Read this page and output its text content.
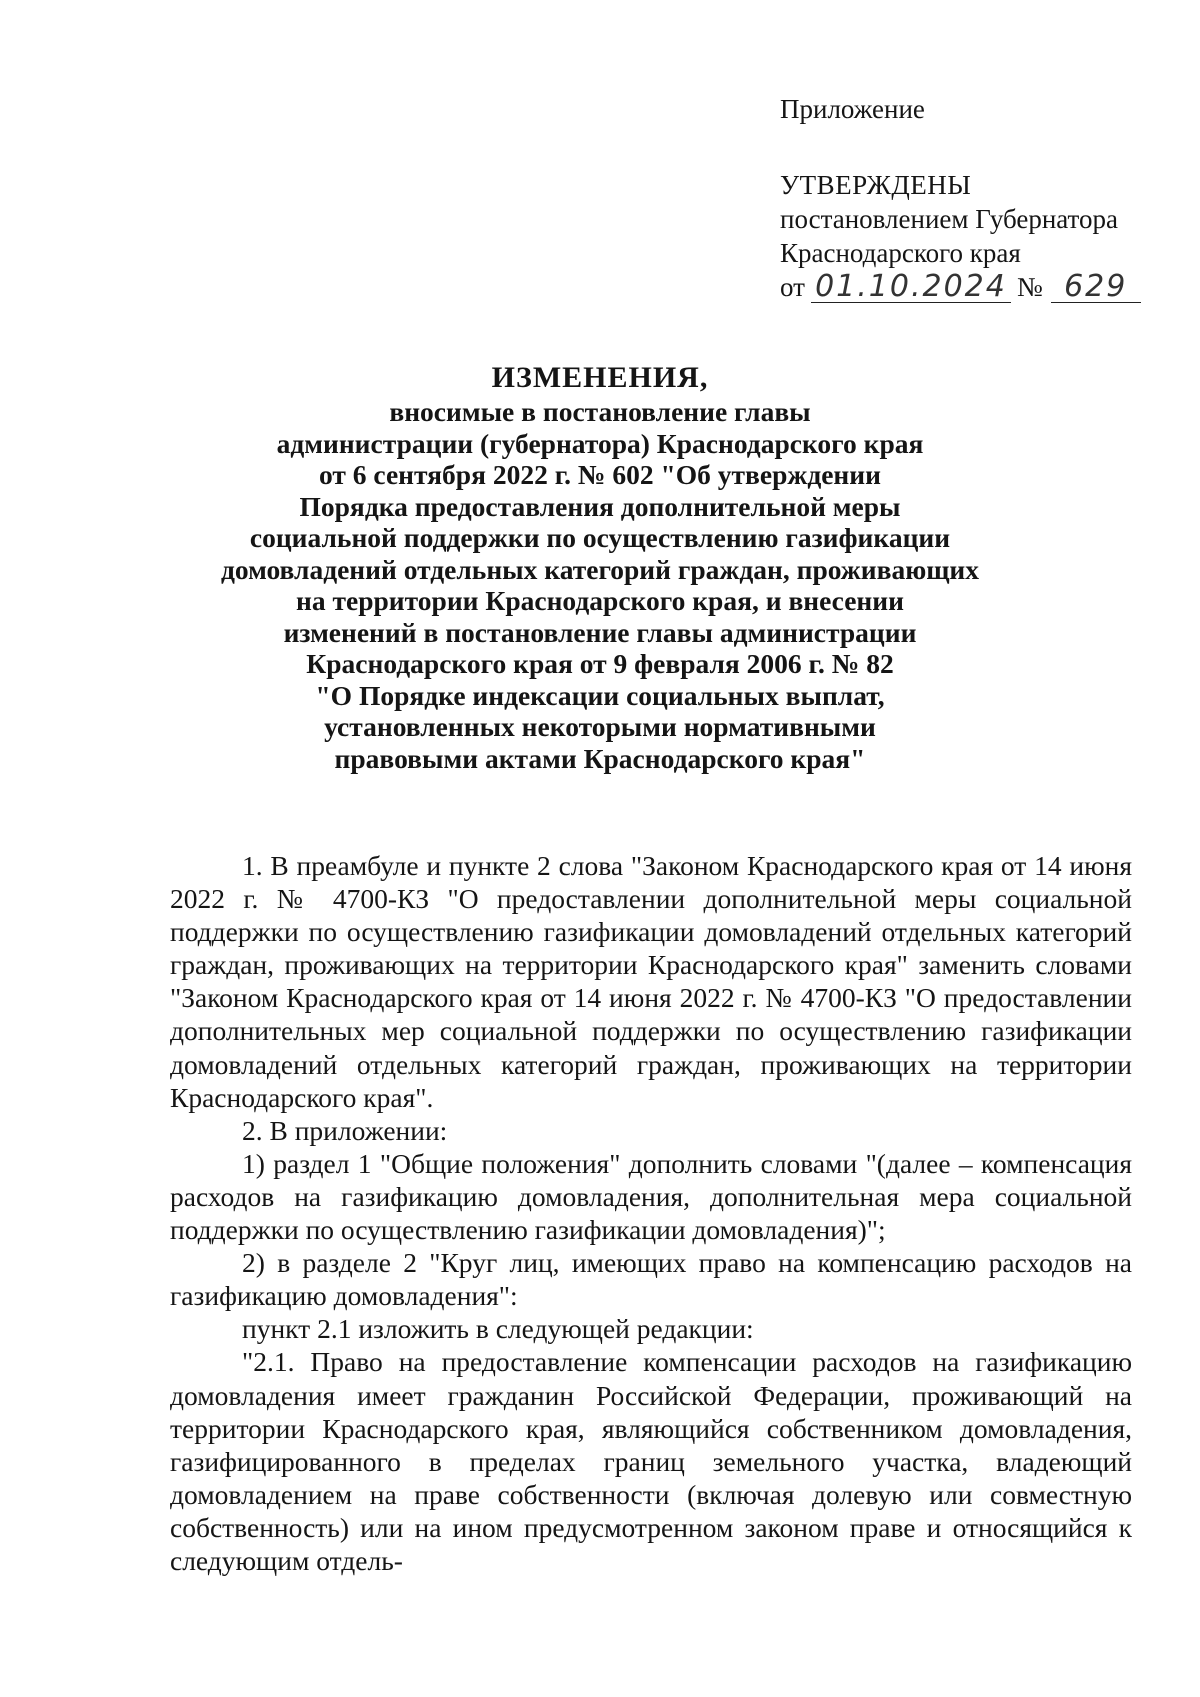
Приложение
УТВЕРЖДЕНЫ
постановлением Губернатора
Краснодарского края
от 01.10.2024 № 629
ИЗМЕНЕНИЯ,
вносимые в постановление главы
администрации (губернатора) Краснодарского края
от 6 сентября 2022 г. № 602 "Об утверждении
Порядка предоставления дополнительной меры
социальной поддержки по осуществлению газификации
домовладений отдельных категорий граждан, проживающих
на территории Краснодарского края, и внесении
изменений в постановление главы администрации
Краснодарского края от 9 февраля 2006 г. № 82
"О Порядке индексации социальных выплат,
установленных некоторыми нормативными
правовыми актами Краснодарского края"

1. В преамбуле и пункте 2 слова "Законом Краснодарского края от 14 июня 2022 г. № 4700-КЗ "О предоставлении дополнительной меры социальной поддержки по осуществлению газификации домовладений отдельных категорий граждан, проживающих на территории Краснодарского края" заменить словами "Законом Краснодарского края от 14 июня 2022 г. № 4700-КЗ "О предоставлении дополнительных мер социальной поддержки по осуществлению газификации домовладений отдельных категорий граждан, проживающих на территории Краснодарского края".

2. В приложении:

1) раздел 1 "Общие положения" дополнить словами "(далее – компенсация расходов на газификацию домовладения, дополнительная мера социальной поддержки по осуществлению газификации домовладения)";

2) в разделе 2 "Круг лиц, имеющих право на компенсацию расходов на газификацию домовладения":

пункт 2.1 изложить в следующей редакции:

"2.1. Право на предоставление компенсации расходов на газификацию домовладения имеет гражданин Российской Федерации, проживающий на территории Краснодарского края, являющийся собственником домовладения, газифицированного в пределах границ земельного участка, владеющий домовладением на праве собственности (включая долевую или совместную собственность) или на ином предусмотренном законом праве и относящийся к следующим отдель-
